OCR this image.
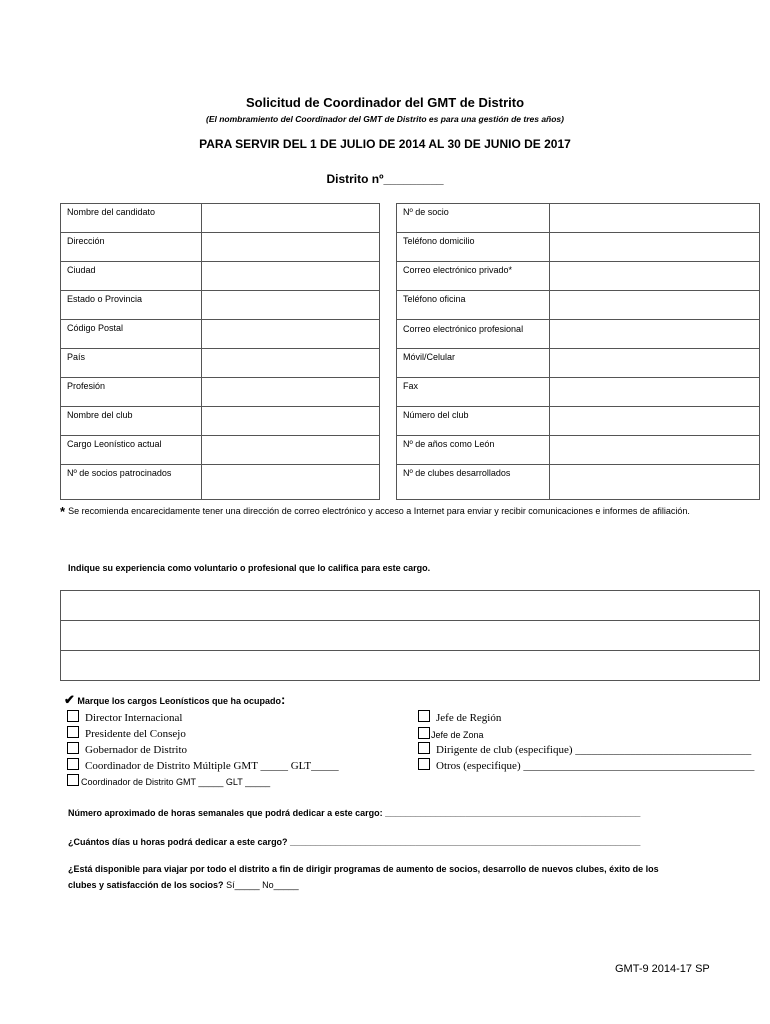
Solicitud de Coordinador del GMT de Distrito
(El nombramiento del Coordinador del GMT de Distrito es para una gestión de tres años)
PARA SERVIR DEL 1 DE JULIO DE 2014 AL 30 DE JUNIO DE 2017
Distrito nº_________
Nombre del candidato	
Dirección	
Ciudad	
Estado o Provincia	
Código Postal	
País	
Profesión	
Nombre del club	
Cargo Leonístico actual	
Nº de socios patrocinados	
Nº de socio	
Teléfono domicilio	
Correo electrónico privado*	
Teléfono oficina	
Correo electrónico profesional	
Móvil/Celular	
Fax	
Número del club	
Nº de años como León	
Nº de clubes desarrollados	
* Se recomienda encarecidamente tener una dirección de correo electrónico y acceso a Internet para enviar y recibir comunicaciones e informes de afiliación.
Indique su experiencia como voluntario o profesional que lo califica para este cargo.

✔ Marque los cargos Leonísticos que ha ocupado:
Director Internacional
Presidente del Consejo
Gobernador de Distrito
Coordinador de Distrito Múltiple GMT _____ GLT_____
Coordinador de Distrito GMT _____ GLT _____
Jefe de Región
Jefe de Zona
Dirigente de club (especifique) ________________________________
Otros (especifique) __________________________________________
Número aproximado de horas semanales que podrá dedicar a este cargo: ___________________________________________________
¿Cuántos días u horas podrá dedicar a este cargo? ______________________________________________________________________
¿Está disponible para viajar por todo el distrito a fin de dirigir programas de aumento de socios, desarrollo de nuevos clubes, éxito de los
clubes y satisfacción de los socios? Sí_____ No_____
GMT-9 2014-17 SP
